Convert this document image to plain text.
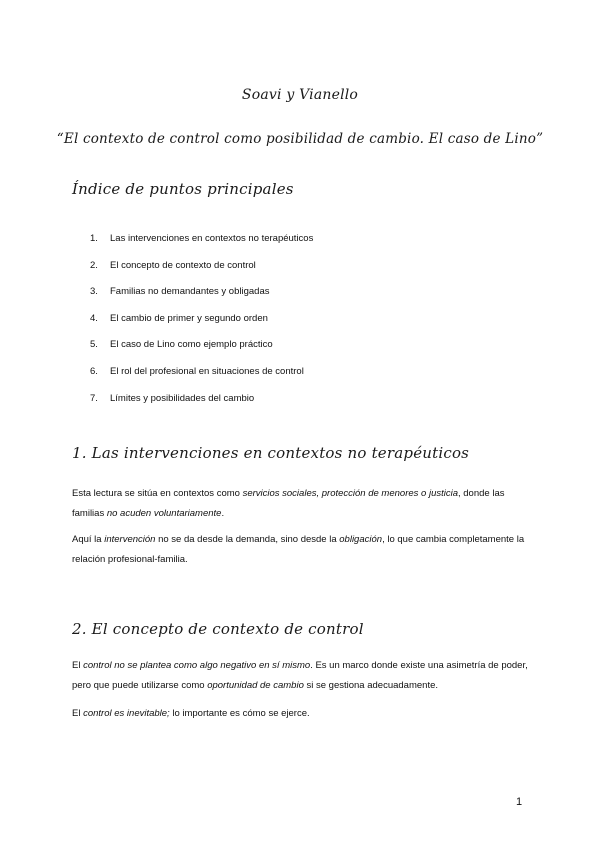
Soavi y Vianello
“El contexto de control como posibilidad de cambio. El caso de Lino”
Índice de puntos principales
1.	Las intervenciones en contextos no terapéuticos
2.	El concepto de contexto de control
3.	Familias no demandantes y obligadas
4.	El cambio de primer y segundo orden
5.	El caso de Lino como ejemplo práctico
6.	El rol del profesional en situaciones de control
7.	Límites y posibilidades del cambio
1. Las intervenciones en contextos no terapéuticos

Esta lectura se sitúa en contextos como servicios sociales, protección de menores o justicia, donde las familias no acuden voluntariamente.

Aquí la intervención no se da desde la demanda, sino desde la obligación, lo que cambia completamente la relación profesional-familia.

2. El concepto de contexto de control

El control no se plantea como algo negativo en sí mismo. Es un marco donde existe una asimetría de poder, pero que puede utilizarse como oportunidad de cambio si se gestiona adecuadamente.

El control es inevitable; lo importante es cómo se ejerce.

1
